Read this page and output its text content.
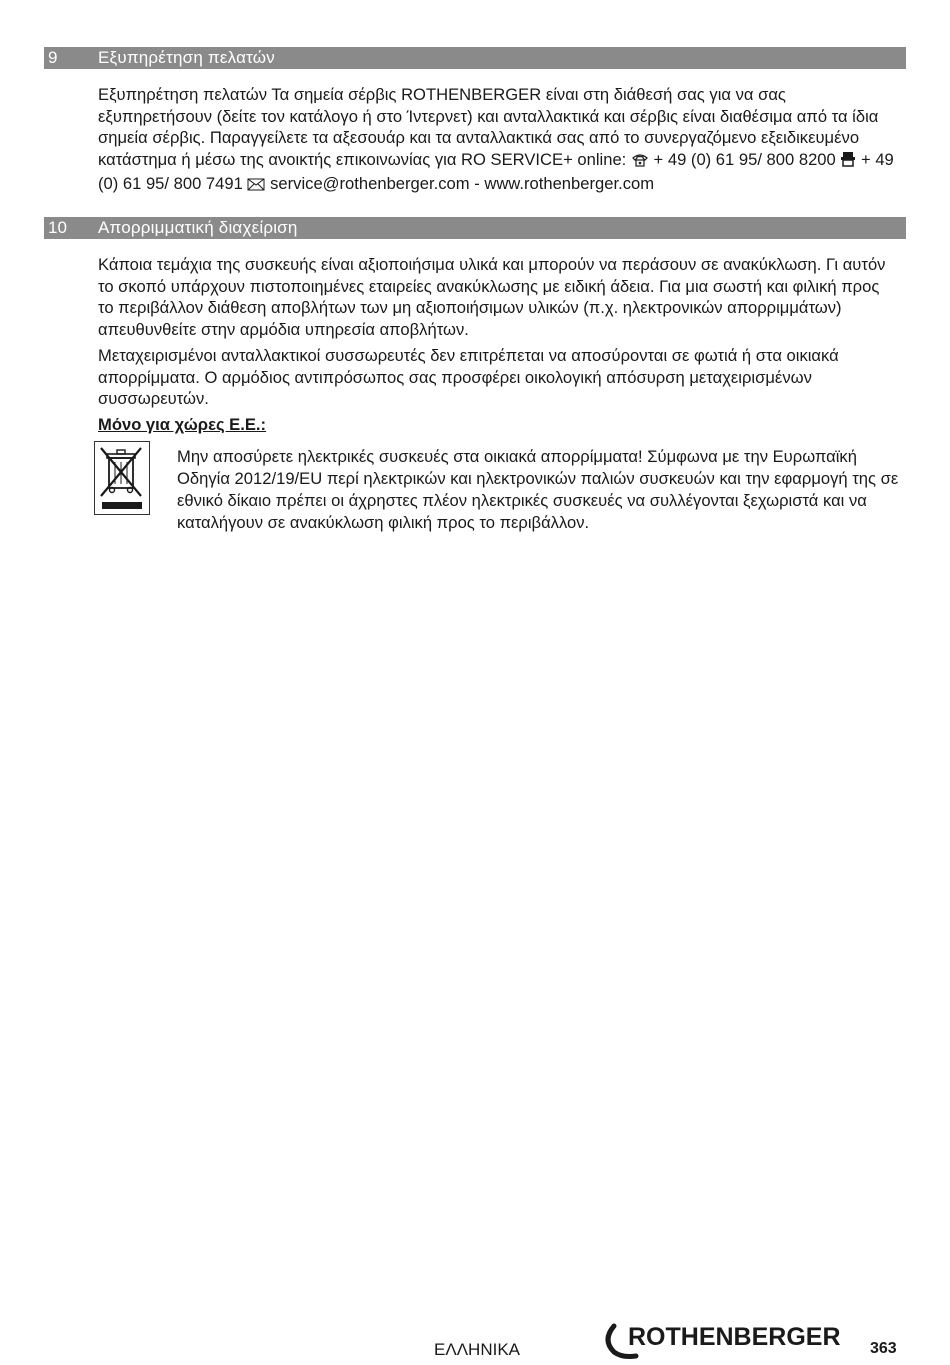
9 Εξυπηρέτηση πελατών

Εξυπηρέτηση πελατών Τα σημεία σέρβις ROTHENBERGER είναι στη διάθεσή σας για να σας εξυπηρετήσουν (δείτε τον κατάλογο ή στο Ίντερνετ) και ανταλλακτικά και σέρβις είναι διαθέσιμα από τα ίδια σημεία σέρβις. Παραγγείλετε τα αξεσουάρ και τα ανταλλακτικά σας από το συνεργαζόμενο εξειδικευμένο κατάστημα ή μέσω της ανοικτής επικοινωνίας για RO SERVICE+ online: + 49 (0) 61 95/ 800 8200 + 49 (0) 61 95/ 800 7491 service@rothenberger.com - www.rothenberger.com

10 Απορριμματική διαχείριση

Κάποια τεμάχια της συσκευής είναι αξιοποιήσιμα υλικά και μπορούν να περάσουν σε ανακύκλωση. Γι αυτόν το σκοπό υπάρχουν πιστοποιημένες εταιρείες ανακύκλωσης με ειδική άδεια. Για μια σωστή και φιλική προς το περιβάλλον διάθεση αποβλήτων των μη αξιοποιήσιμων υλικών (π.χ. ηλεκτρονικών απορριμμάτων) απευθυνθείτε στην αρμόδια υπηρεσία αποβλήτων.

Μεταχειρισμένοι ανταλλακτικοί συσσωρευτές δεν επιτρέπεται να αποσύρονται σε φωτιά ή στα οικιακά απορρίμματα. Ο αρμόδιος αντιπρόσωπος σας προσφέρει οικολογική απόσυρση μεταχειρισμένων συσσωρευτών.

Μόνο για χώρες Ε.Ε.:

Μην αποσύρετε ηλεκτρικές συσκευές στα οικιακά απορρίμματα! Σύμφωνα με την Ευρωπαϊκή Οδηγία 2012/19/EU περί ηλεκτρικών και ηλεκτρονικών παλιών συσκευών και την εφαρμογή της σε εθνικό δίκαιο πρέπει οι άχρηστες πλέον ηλεκτρικές συσκευές να συλλέγονται ξεχωριστά και να καταλήγουν σε ανακύκλωση φιλική προς το περιβάλλον.

ΕΛΛΗΝΙΚΑ	ROTHENBERGER 363
